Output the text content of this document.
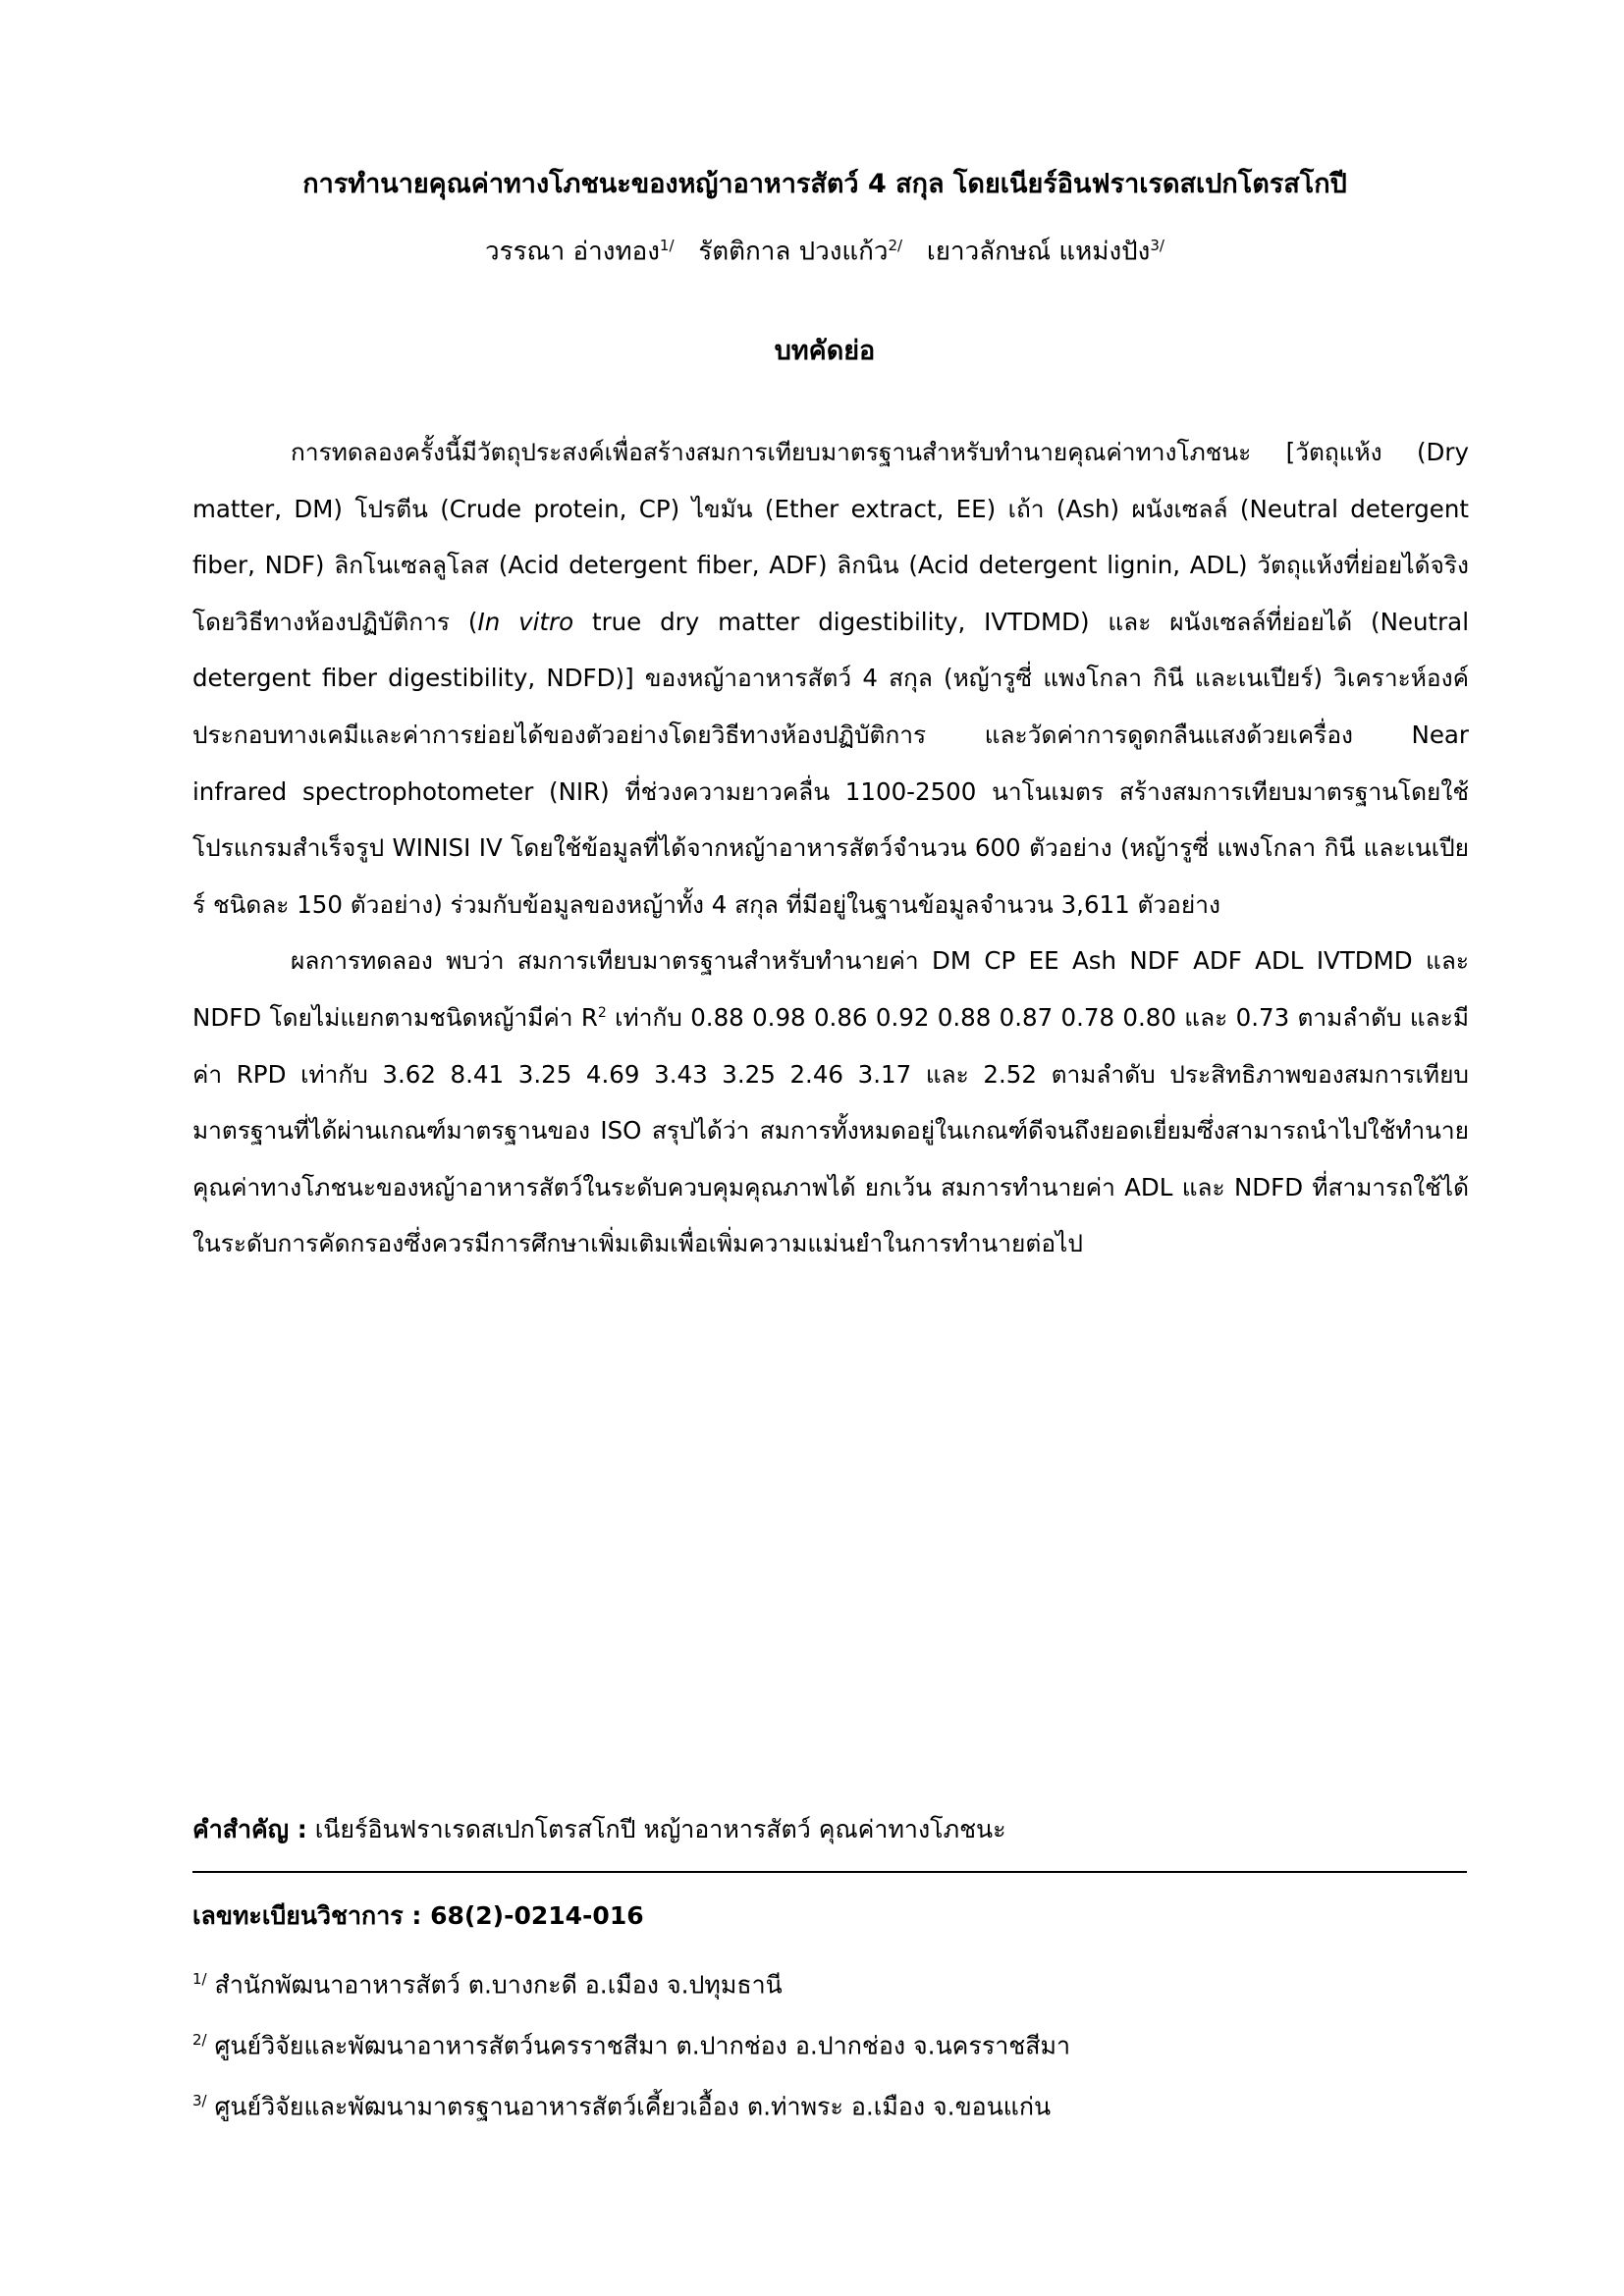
การทำนายคุณค่าทางโภชนะของหญ้าอาหารสัตว์ 4 สกุล โดยเนียร์อินฟราเรดสเปกโตรสโกปี
วรรณา อ่างทอง$^{1/}$ รัตติกาล ปวงแก้ว$^{2/}$ เยาวลักษณ์ แหม่งปัง$^{3/}$
บทคัดย่อ

การทดลองครั้งนี้มีวัตถุประสงค์เพื่อสร้างสมการเทียบมาตรฐานสำหรับทำนายคุณค่าทางโภชนะ [วัตถุแห้ง (Dry matter, DM) โปรตีน (Crude protein, CP) ไขมัน (Ether extract, EE) เถ้า (Ash) ผนังเซลล์ (Neutral detergent fiber, NDF) ลิกโนเซลลูโลส (Acid detergent fiber, ADF) ลิกนิน (Acid detergent lignin, ADL) วัตถุแห้งที่ย่อยได้จริงโดยวิธีทางห้องปฏิบัติการ (In vitro true dry matter digestibility, IVTDMD) และ ผนังเซลล์ที่ย่อยได้ (Neutral detergent fiber digestibility, NDFD)] ของหญ้าอาหารสัตว์ 4 สกุล (หญ้ารูซี่ แพงโกลา กินี และเนเปียร์) วิเคราะห์องค์ประกอบทางเคมีและค่าการย่อยได้ของตัวอย่างโดยวิธีทางห้องปฏิบัติการ และวัดค่าการดูดกลืนแสงด้วยเครื่อง Near infrared spectrophotometer (NIR) ที่ช่วงความยาวคลื่น 1100-2500 นาโนเมตร สร้างสมการเทียบมาตรฐานโดยใช้โปรแกรมสำเร็จรูป WINISI IV โดยใช้ข้อมูลที่ได้จากหญ้าอาหารสัตว์จำนวน 600 ตัวอย่าง (หญ้ารูซี่ แพงโกลา กินี และเนเปียร์ ชนิดละ 150 ตัวอย่าง) ร่วมกับข้อมูลของหญ้าทั้ง 4 สกุล ที่มีอยู่ในฐานข้อมูลจำนวน 3,611 ตัวอย่าง

ผลการทดลอง พบว่า สมการเทียบมาตรฐานสำหรับทำนายค่า DM CP EE Ash NDF ADF ADL IVTDMD และ NDFD โดยไม่แยกตามชนิดหญ้ามีค่า $R^2$ เท่ากับ 0.88 0.98 0.86 0.92 0.88 0.87 0.78 0.80 และ 0.73 ตามลำดับ และมีค่า RPD เท่ากับ 3.62 8.41 3.25 4.69 3.43 3.25 2.46 3.17 และ 2.52 ตามลำดับ ประสิทธิภาพของสมการเทียบมาตรฐานที่ได้ผ่านเกณฑ์มาตรฐานของ ISO สรุปได้ว่า สมการทั้งหมดอยู่ในเกณฑ์ดีจนถึงยอดเยี่ยมซึ่งสามารถนำไปใช้ทำนายคุณค่าทางโภชนะของหญ้าอาหารสัตว์ในระดับควบคุมคุณภาพได้ ยกเว้น สมการทำนายค่า ADL และ NDFD ที่สามารถใช้ได้ในระดับการคัดกรองซึ่งควรมีการศึกษาเพิ่มเติมเพื่อเพิ่มความแม่นยำในการทำนายต่อไป

คำสำคัญ : เนียร์อินฟราเรดสเปกโตรสโกปี หญ้าอาหารสัตว์ คุณค่าทางโภชนะ
เลขทะเบียนวิชาการ : 68(2)-0214-016
$^{1/}$ สำนักพัฒนาอาหารสัตว์ ต.บางกะดี อ.เมือง จ.ปทุมธานี
$^{2/}$ ศูนย์วิจัยและพัฒนาอาหารสัตว์นครราชสีมา ต.ปากช่อง อ.ปากช่อง จ.นครราชสีมา
$^{3/}$ ศูนย์วิจัยและพัฒนามาตรฐานอาหารสัตว์เคี้ยวเอื้อง ต.ท่าพระ อ.เมือง จ.ขอนแก่น
